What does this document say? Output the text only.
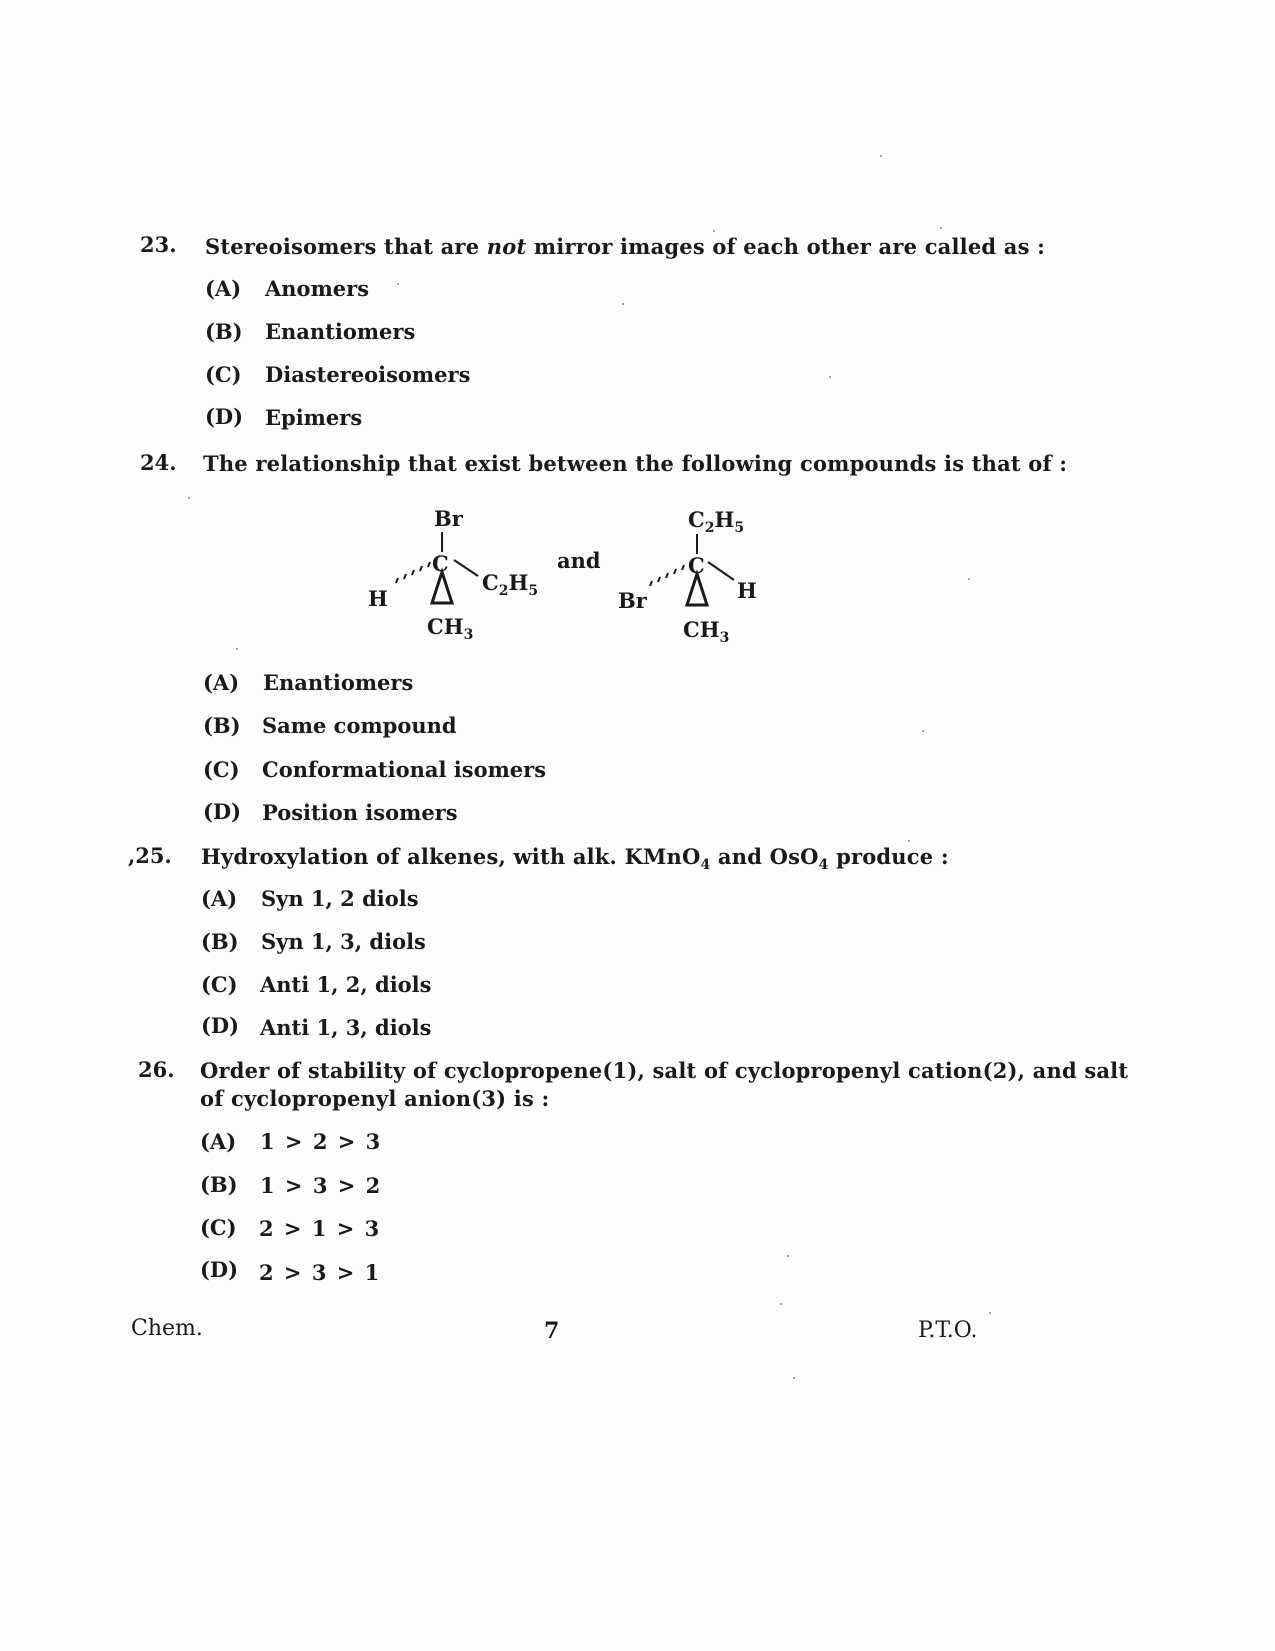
23. Stereoisomers that are not mirror images of each other are called as :
(A) Anomers
(B) Enantiomers
(C) Diastereoisomers
(D) Epimers
24. The relationship that exist between the following compounds is that of :
Br
C
H
$C_2H_5$
$CH_3$
and
$C_2H_5$
C
Br	H
$CH_3$
(A) Enantiomers
(B) Same compound
(C) Conformational isomers
(D) Position isomers
,25. Hydroxylation of alkenes, with alk. KMnO$_4$ and OsO$_4$ produce :
(A) Syn 1, 2 diols
(B) Syn 1, 3, diols
(C) Anti 1, 2, diols
(D) Anti 1, 3, diols
26. Order of stability of cyclopropene(1), salt of cyclopropenyl cation(2), and salt
of cyclopropenyl anion(3) is :
(A) 1 > 2 > 3
(B) 1 > 3 > 2
(C) 2 > 1 > 3
(D) 2 > 3 > 1
Chem.	7	P.T.O.
